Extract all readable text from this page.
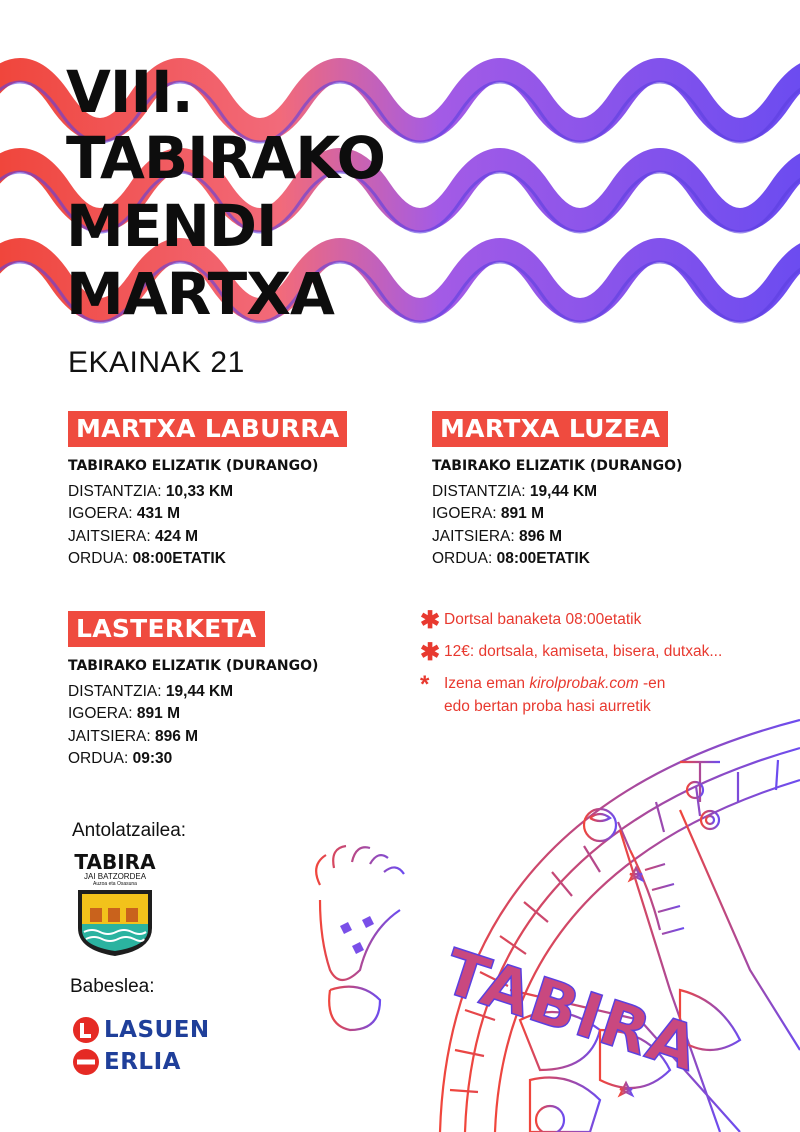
VIII.
TABIRAKO
MENDI
MARTXA
EKAINAK 21
MARTXA LABURRA
TABIRAKO ELIZATIK (DURANGO)
DISTANTZIA: 10,33 KM
IGOERA: 431 M
JAITSIERA: 424 M
ORDUA: 08:00ETATIK
MARTXA LUZEA
TABIRAKO ELIZATIK (DURANGO)
DISTANTZIA: 19,44 KM
IGOERA: 891 M
JAITSIERA: 896 M
ORDUA: 08:00ETATIK
LASTERKETA
TABIRAKO ELIZATIK (DURANGO)
DISTANTZIA: 19,44 KM
IGOERA: 891 M
JAITSIERA: 896 M
ORDUA: 09:30
✱ Dortsal banaketa 08:00etatik
✱ 12€: dortsala, kamiseta, bisera, dutxak...
* Izena eman kirolprobak.com -en
edo bertan proba hasi aurretik
Antolatzailea:
TABIRA
JAI BATZORDEA
Auzoa eta Osasuna
Babeslea:
LASUEN
ERLIA	TABIRA
